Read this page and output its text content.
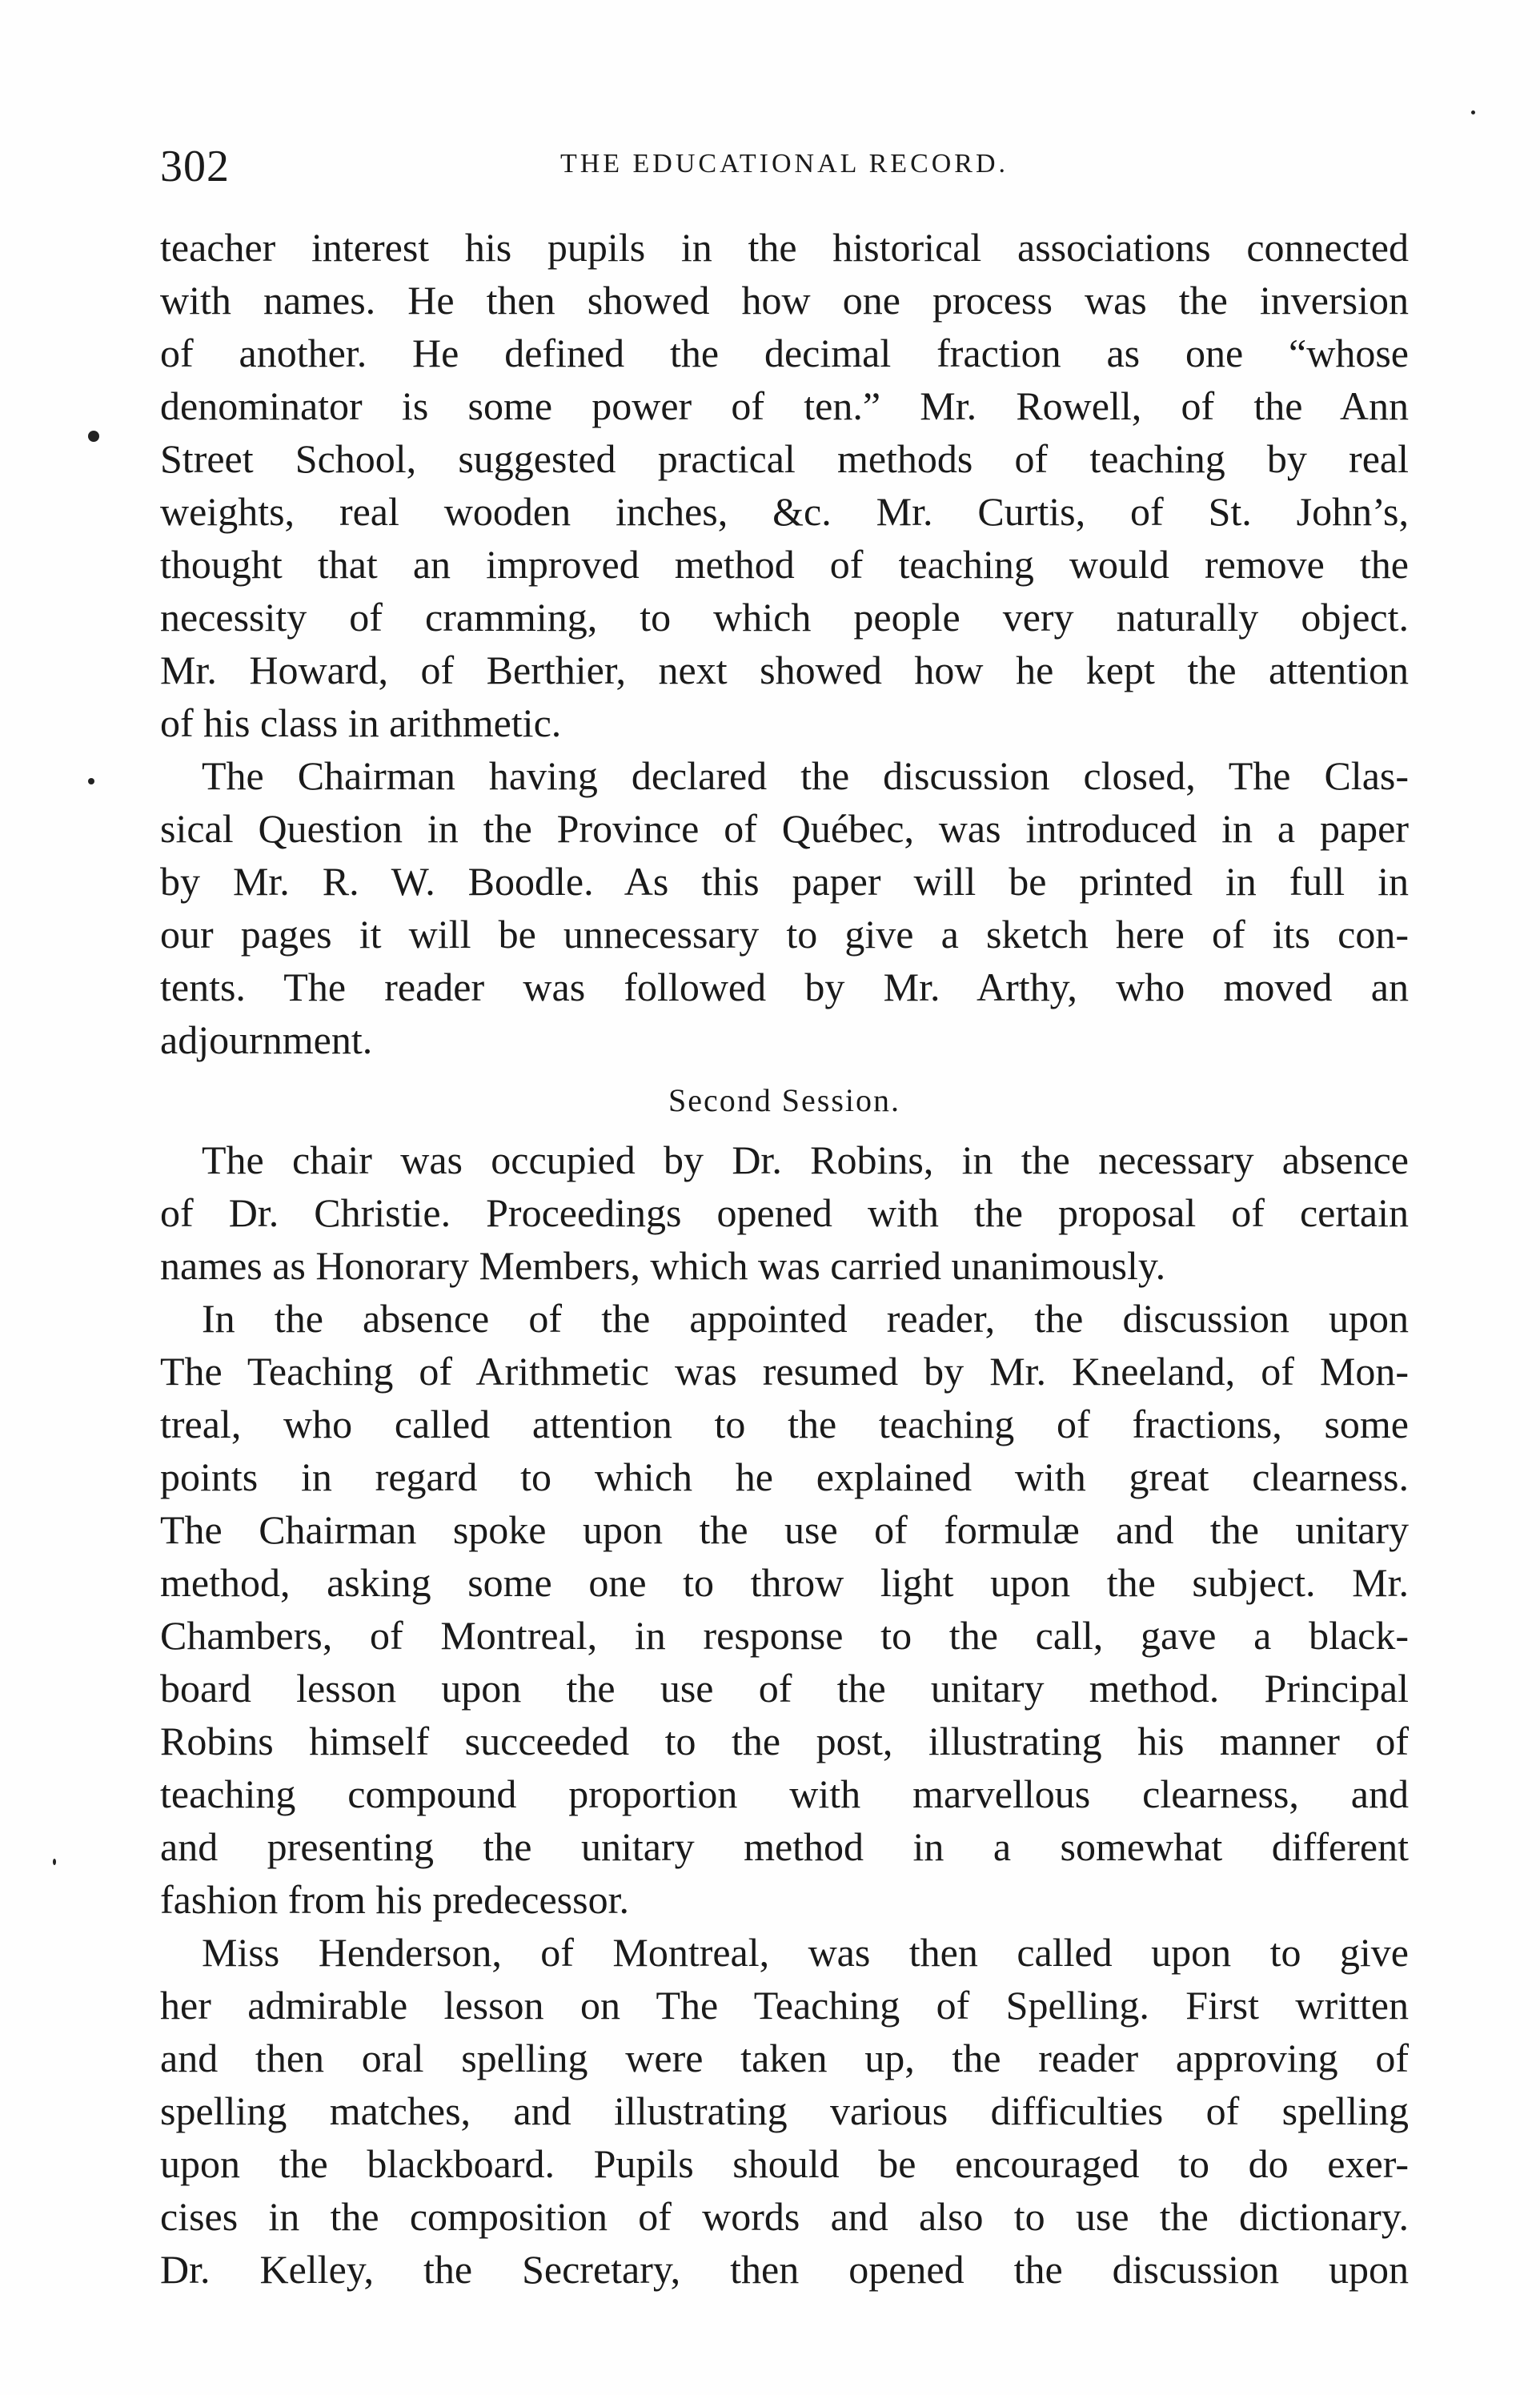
302	THE EDUCATIONAL RECORD.
teacher interest his pupils in the historical associations connected
with names. He then showed how one process was the inversion
of another. He defined the decimal fraction as one “whose
denominator is some power of ten.” Mr. Rowell, of the Ann
Street School, suggested practical methods of teaching by real
weights, real wooden inches, &c. Mr. Curtis, of St. John’s,
thought that an improved method of teaching would remove the
necessity of cramming, to which people very naturally object.
Mr. Howard, of Berthier, next showed how he kept the attention
of his class in arithmetic.
The Chairman having declared the discussion closed, The Clas-
sical Question in the Province of Québec, was introduced in a paper
by Mr. R. W. Boodle. As this paper will be printed in full in
our pages it will be unnecessary to give a sketch here of its con-
tents. The reader was followed by Mr. Arthy, who moved an
adjournment.
Second Session.
The chair was occupied by Dr. Robins, in the necessary absence
of Dr. Christie. Proceedings opened with the proposal of certain
names as Honorary Members, which was carried unanimously.
In the absence of the appointed reader, the discussion upon
The Teaching of Arithmetic was resumed by Mr. Kneeland, of Mon-
treal, who called attention to the teaching of fractions, some
points in regard to which he explained with great clearness.
The Chairman spoke upon the use of formulæ and the unitary
method, asking some one to throw light upon the subject. Mr.
Chambers, of Montreal, in response to the call, gave a black-
board lesson upon the use of the unitary method. Principal
Robins himself succeeded to the post, illustrating his manner of
teaching compound proportion with marvellous clearness, and
and presenting the unitary method in a somewhat different
fashion from his predecessor.
Miss Henderson, of Montreal, was then called upon to give
her admirable lesson on The Teaching of Spelling. First written
and then oral spelling were taken up, the reader approving of
spelling matches, and illustrating various difficulties of spelling
upon the blackboard. Pupils should be encouraged to do exer-
cises in the composition of words and also to use the dictionary.
Dr. Kelley, the Secretary, then opened the discussion upon
